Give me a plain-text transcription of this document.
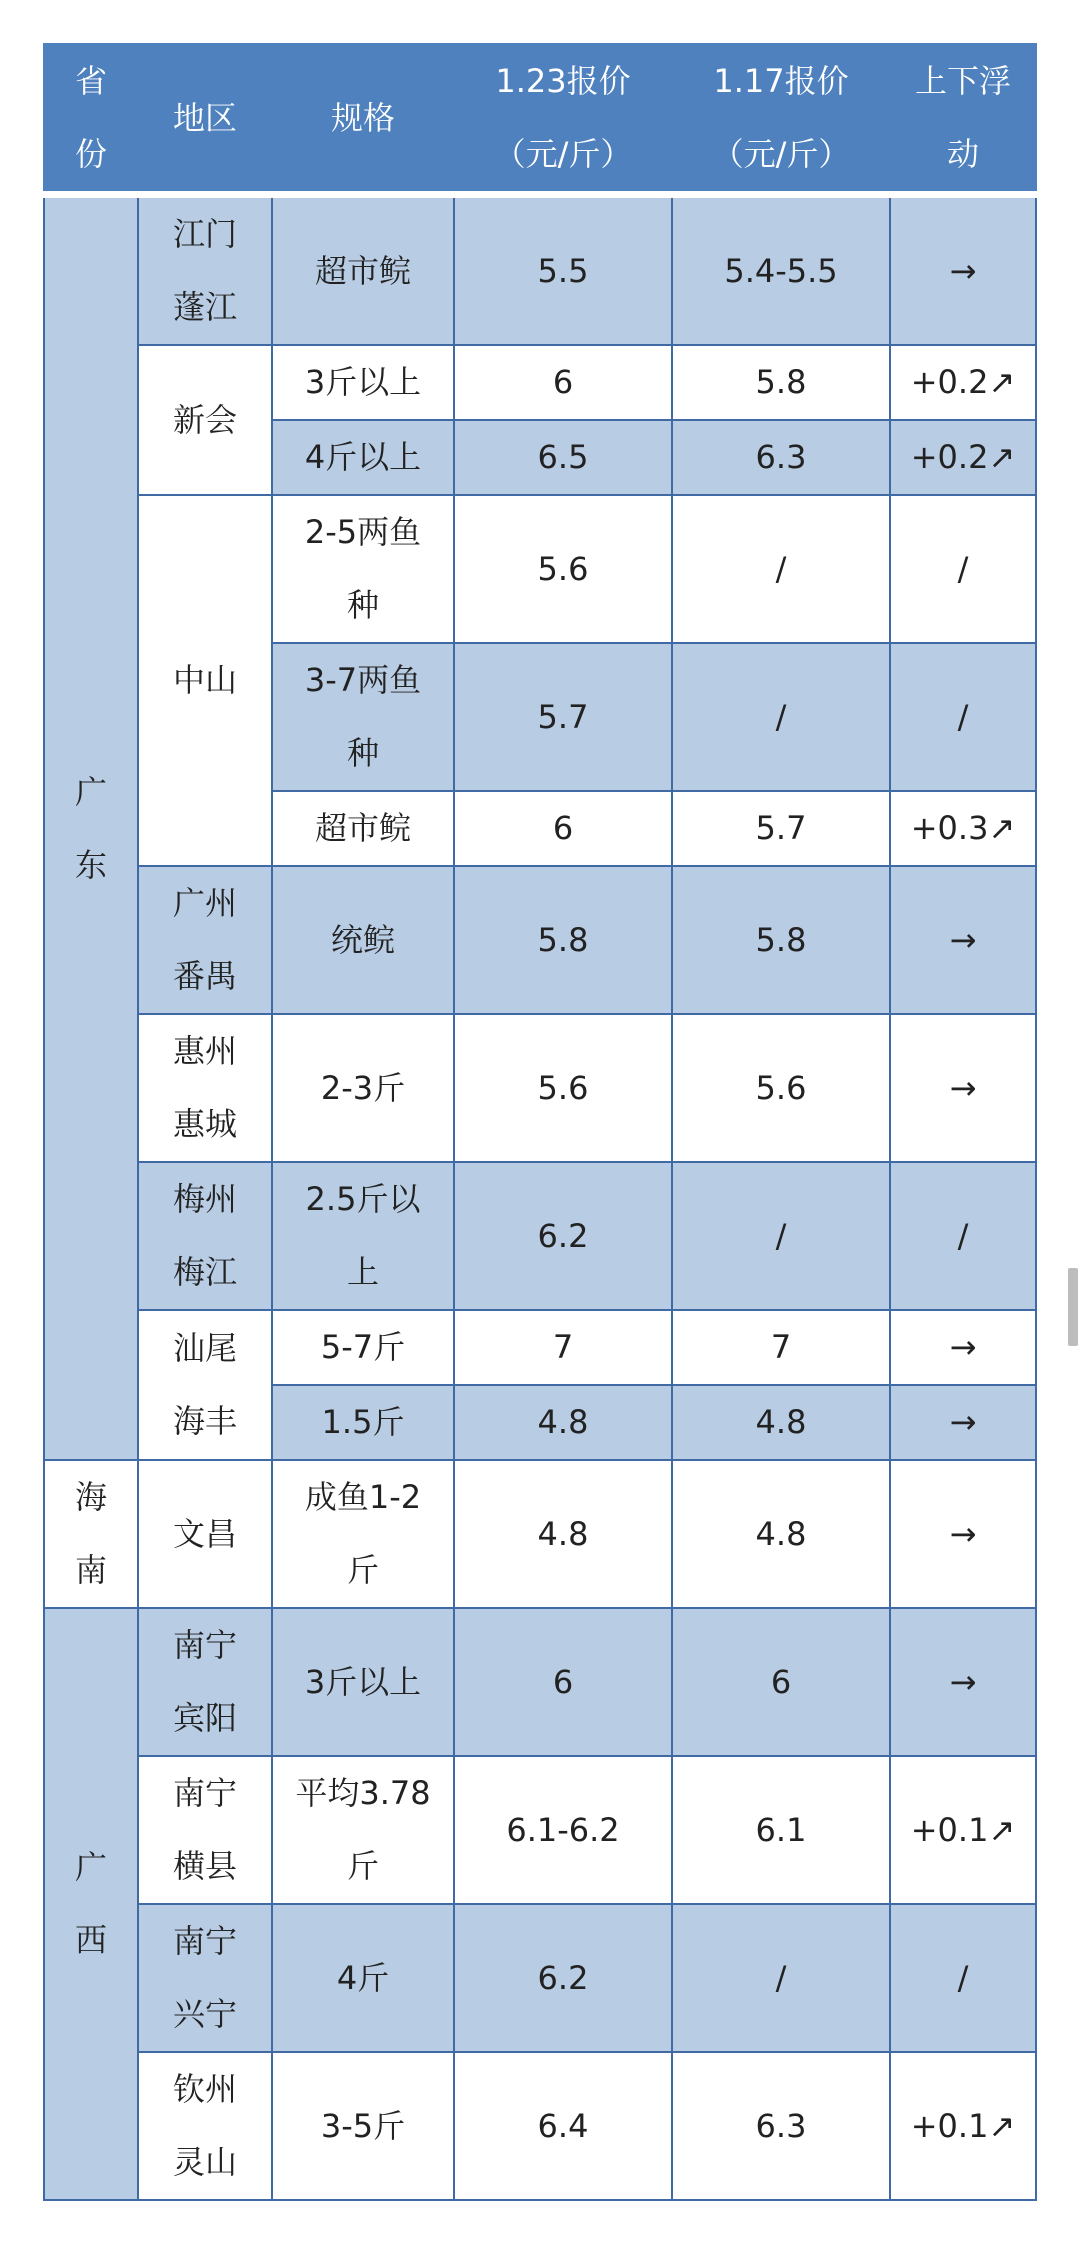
省份	地区	规格	1.23报价（元/斤）	1.17报价（元/斤）	上下浮动

广东	江门蓬江	超市鲩	5.5	5.4-5.5	→
	新会	3斤以上	6	5.8	+0.2↗
		4斤以上	6.5	6.3	+0.2↗
	中山	2-5两鱼种	5.6	/	/

		3-7两鱼种	5.7	/	/
		超市鲩	6	5.7	+0.3↗

	广州番禺	统鲩	5.8	5.8	→

	惠州惠城	2-3斤	5.6	5.6	→

	梅州梅江	2.5斤以上	6.2	/	/

	汕尾海丰	5-7斤	7	7	→
		1.5斤	4.8	4.8	→

海南	文昌	成鱼1-2斤	4.8	4.8	→

广西	南宁宾阳	3斤以上	6	6	→

	南宁横县	平均3.78斤	6.1-6.2	6.1	+0.1↗

	南宁兴宁	4斤	6.2	/	/

	钦州灵山	3-5斤	6.4	6.3	+0.1↗
